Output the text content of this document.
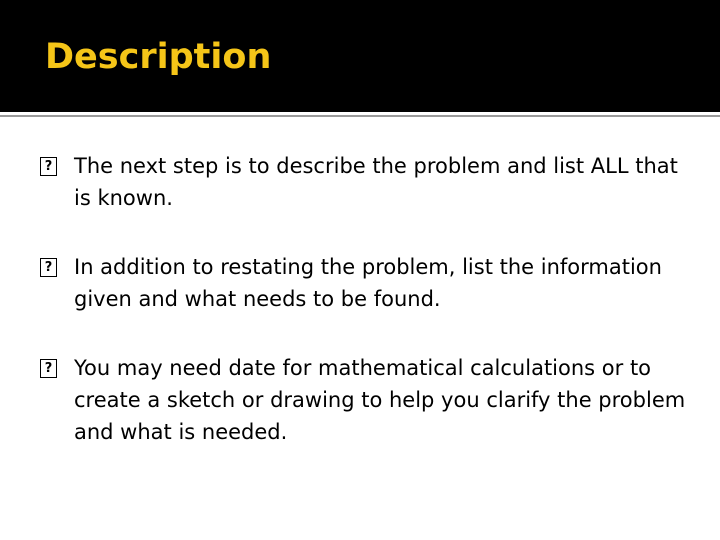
Description
? The next step is to describe the problem and list ALL that is known.
? In addition to restating the problem, list the information given and what needs to be found.
? You may need date for mathematical calculations or to create a sketch or drawing to help you clarify the problem and what is needed.
